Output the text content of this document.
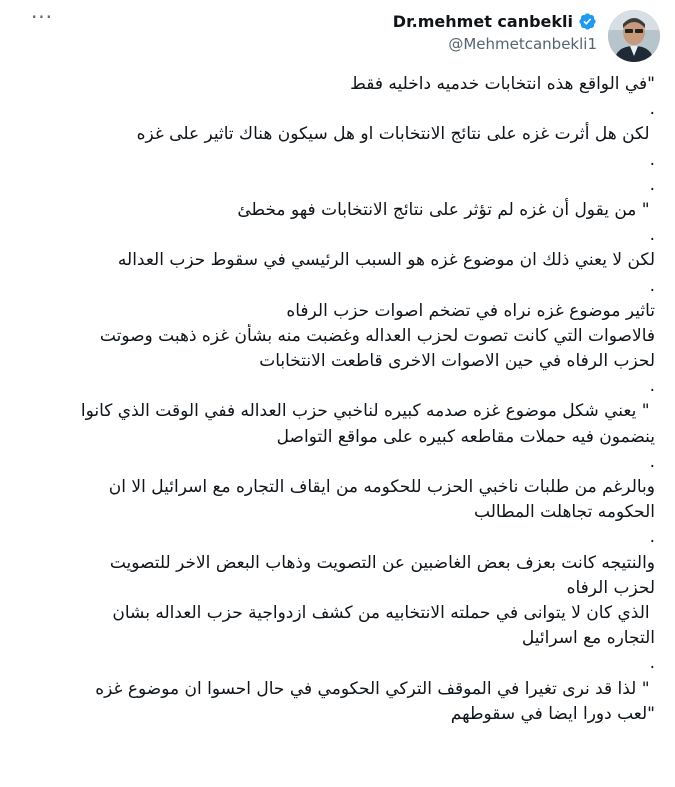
···	Dr.mehmet canbekli
@Mehmetcanbekli1
"في الواقع هذه انتخابات خدميه داخليه فقط
.
لكن هل أثرت غزه على نتائج الانتخابات او هل سيكون هناك تاثير على غزه
.
.
" من يقول أن غزه لم تؤثر على نتائج الانتخابات فهو مخطئ
.
لكن لا يعني ذلك ان موضوع غزه هو السبب الرئيسي في سقوط حزب العداله
.
تاثير موضوع غزه نراه في تضخم اصوات حزب الرفاه
فالاصوات التي كانت تصوت لحزب العداله وغضبت منه بشأن غزه ذهبت وصوتت
لحزب الرفاه في حين الاصوات الاخرى قاطعت الانتخابات
.
" يعني شكل موضوع غزه صدمه كبيره لناخبي حزب العداله ففي الوقت الذي كانوا
ينضمون فيه حملات مقاطعه كبيره على مواقع التواصل
.
وبالرغم من طلبات ناخبي الحزب للحكومه من ايقاف التجاره مع اسرائيل الا ان
الحكومه تجاهلت المطالب
.
والنتيجه كانت بعزف بعض الغاضبين عن التصويت وذهاب البعض الاخر للتصويت
لحزب الرفاه
الذي كان لا يتوانى في حملته الانتخابيه من كشف ازدواجية حزب العداله بشان
التجاره مع اسرائيل
.
" لذا قد نرى تغيرا في الموقف التركي الحكومي في حال احسوا ان موضوع غزه
"لعب دورا ايضا في سقوطهم
